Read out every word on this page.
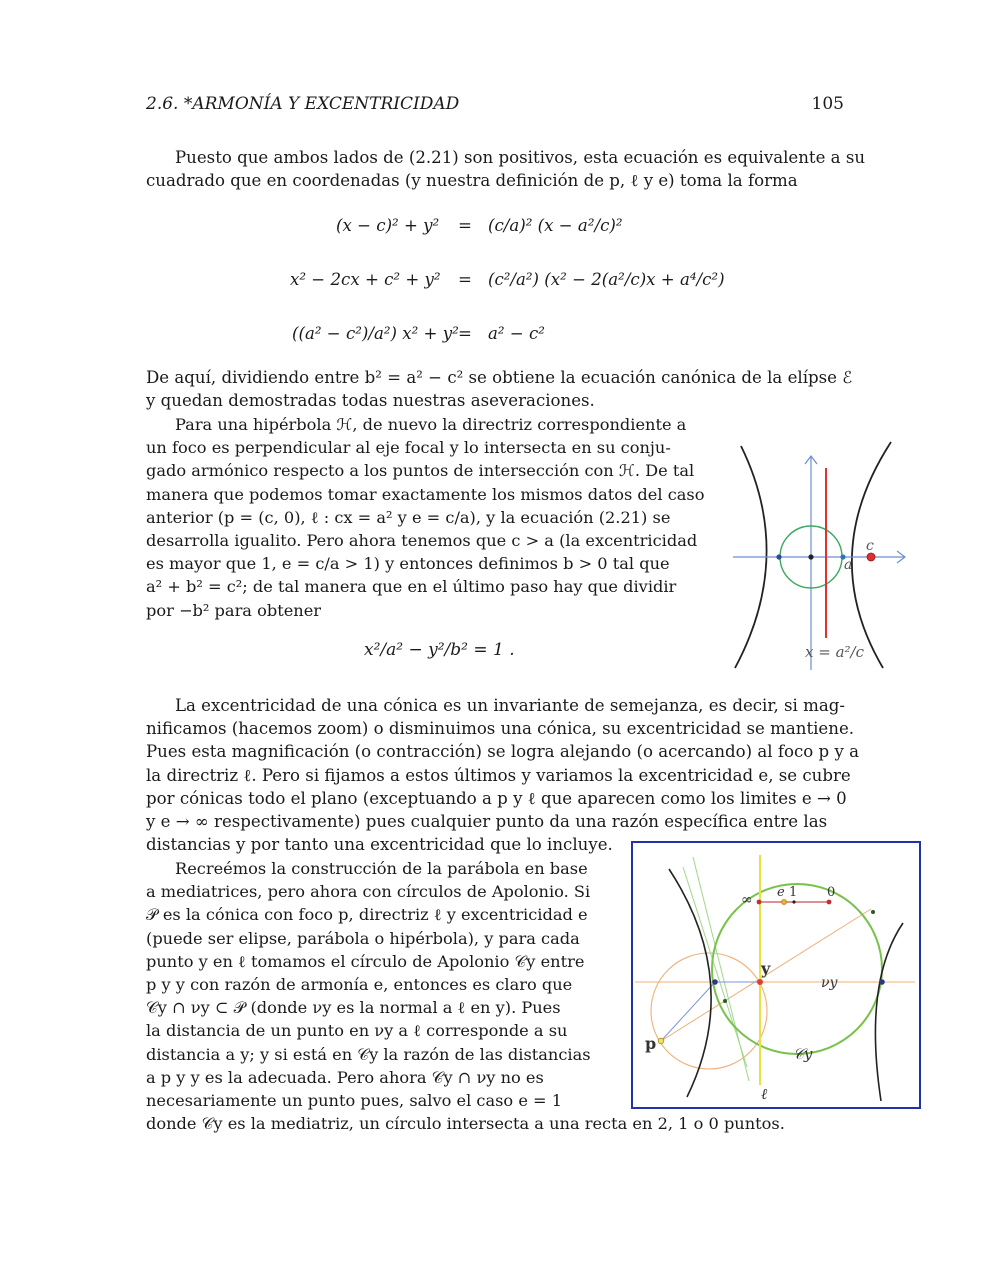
2.6. *ARMONÍA Y EXCENTRICIDAD	105
Puesto que ambos lados de (2.21) son positivos, esta ecuación es equivalente a su
cuadrado que en coordenadas (y nuestra definición de p, ℓ y e) toma la forma
(x − c)² + y² = (c/a)² (x − a²/c)²
x² − 2cx + c² + y² = (c²/a²) (x² − 2(a²/c)x + a⁴/c²)
((a² − c²)/a²) x² + y² = a² − c²
De aquí, dividiendo entre b² = a² − c² se obtiene la ecuación canónica de la elípse ℰ
y quedan demostradas todas nuestras aseveraciones.
Para una hipérbola ℋ, de nuevo la directriz correspondiente a
un foco es perpendicular al eje focal y lo intersecta en su conju-
gado armónico respecto a los puntos de intersección con ℋ. De tal
manera que podemos tomar exactamente los mismos datos del caso
anterior (p = (c, 0), ℓ : cx = a² y e = c/a), y la ecuación (2.21) se
desarrolla igualito. Pero ahora tenemos que c > a (la excentricidad
es mayor que 1, e = c/a > 1) y entonces definimos b > 0 tal que
a² + b² = c²; de tal manera que en el último paso hay que dividir
por −b² para obtener
x²/a² − y²/b² = 1 .
c
a
x = a²/c
La excentricidad de una cónica es un invariante de semejanza, es decir, si mag-
nificamos (hacemos zoom) o disminuimos una cónica, su excentricidad se mantiene.
Pues esta magnificación (o contracción) se logra alejando (o acercando) al foco p y a
la directriz ℓ. Pero si fijamos a estos últimos y variamos la excentricidad e, se cubre
por cónicas todo el plano (exceptuando a p y ℓ que aparecen como los limites e → 0
y e → ∞ respectivamente) pues cualquier punto da una razón específica entre las
distancias y por tanto una excentricidad que lo incluye.
Recreémos la construcción de la parábola en base
a mediatrices, pero ahora con círculos de Apolonio. Si
𝒫 es la cónica con foco p, directriz ℓ y excentricidad e
(puede ser elipse, parábola o hipérbola), y para cada
punto y en ℓ tomamos el círculo de Apolonio 𝒞y entre
p y y con razón de armonía e, entonces es claro que
𝒞y ∩ νy ⊂ 𝒫 (donde νy es la normal a ℓ en y). Pues
la distancia de un punto en νy a ℓ corresponde a su
distancia a y; y si está en 𝒞y la razón de las distancias
a p y y es la adecuada. Pero ahora 𝒞y ∩ νy no es
necesariamente un punto pues, salvo el caso e = 1
donde 𝒞y es la mediatriz, un círculo intersecta a una recta en 2, 1 o 0 puntos.
∞ e 1 0
y
νy
p
𝒞y
ℓ
